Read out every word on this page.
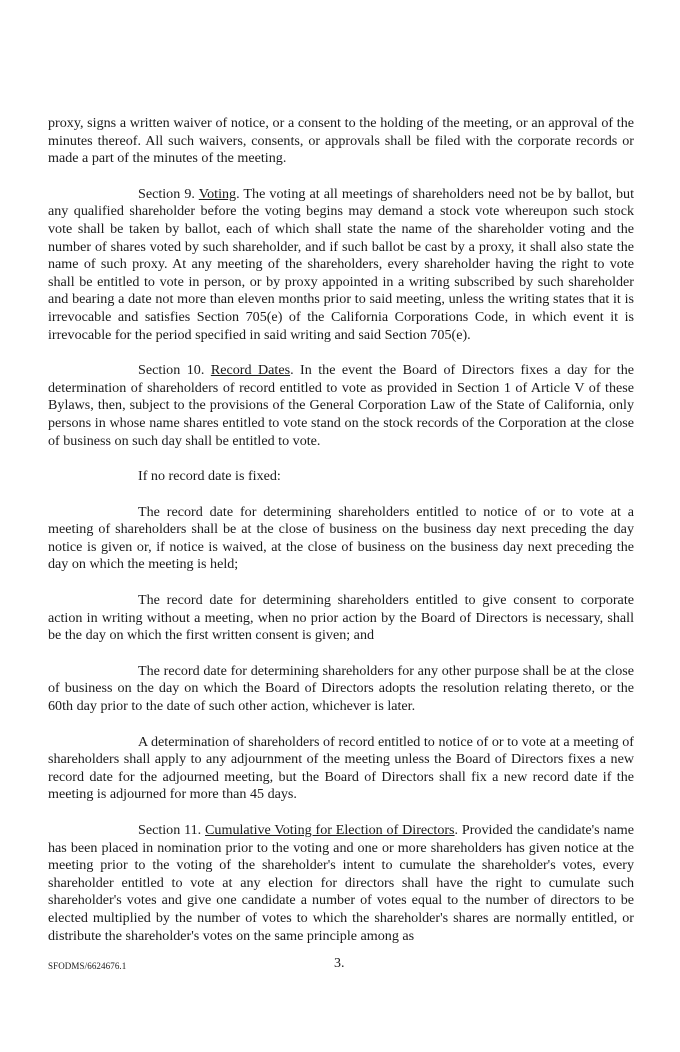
proxy, signs a written waiver of notice, or a consent to the holding of the meeting, or an approval of the minutes thereof. All such waivers, consents, or approvals shall be filed with the corporate records or made a part of the minutes of the meeting.

Section 9. Voting. The voting at all meetings of shareholders need not be by ballot, but any qualified shareholder before the voting begins may demand a stock vote whereupon such stock vote shall be taken by ballot, each of which shall state the name of the shareholder voting and the number of shares voted by such shareholder, and if such ballot be cast by a proxy, it shall also state the name of such proxy. At any meeting of the shareholders, every shareholder having the right to vote shall be entitled to vote in person, or by proxy appointed in a writing subscribed by such shareholder and bearing a date not more than eleven months prior to said meeting, unless the writing states that it is irrevocable and satisfies Section 705(e) of the California Corporations Code, in which event it is irrevocable for the period specified in said writing and said Section 705(e).

Section 10. Record Dates. In the event the Board of Directors fixes a day for the determination of shareholders of record entitled to vote as provided in Section 1 of Article V of these Bylaws, then, subject to the provisions of the General Corporation Law of the State of California, only persons in whose name shares entitled to vote stand on the stock records of the Corporation at the close of business on such day shall be entitled to vote.

If no record date is fixed:

The record date for determining shareholders entitled to notice of or to vote at a meeting of shareholders shall be at the close of business on the business day next preceding the day notice is given or, if notice is waived, at the close of business on the business day next preceding the day on which the meeting is held;

The record date for determining shareholders entitled to give consent to corporate action in writing without a meeting, when no prior action by the Board of Directors is necessary, shall be the day on which the first written consent is given; and

The record date for determining shareholders for any other purpose shall be at the close of business on the day on which the Board of Directors adopts the resolution relating thereto, or the 60th day prior to the date of such other action, whichever is later.

A determination of shareholders of record entitled to notice of or to vote at a meeting of shareholders shall apply to any adjournment of the meeting unless the Board of Directors fixes a new record date for the adjourned meeting, but the Board of Directors shall fix a new record date if the meeting is adjourned for more than 45 days.

Section 11. Cumulative Voting for Election of Directors. Provided the candidate's name has been placed in nomination prior to the voting and one or more shareholders has given notice at the meeting prior to the voting of the shareholder's intent to cumulate the shareholder's votes, every shareholder entitled to vote at any election for directors shall have the right to cumulate such shareholder's votes and give one candidate a number of votes equal to the number of directors to be elected multiplied by the number of votes to which the shareholder's shares are normally entitled, or distribute the shareholder's votes on the same principle among as

SFODMS/6624676.1	3.
